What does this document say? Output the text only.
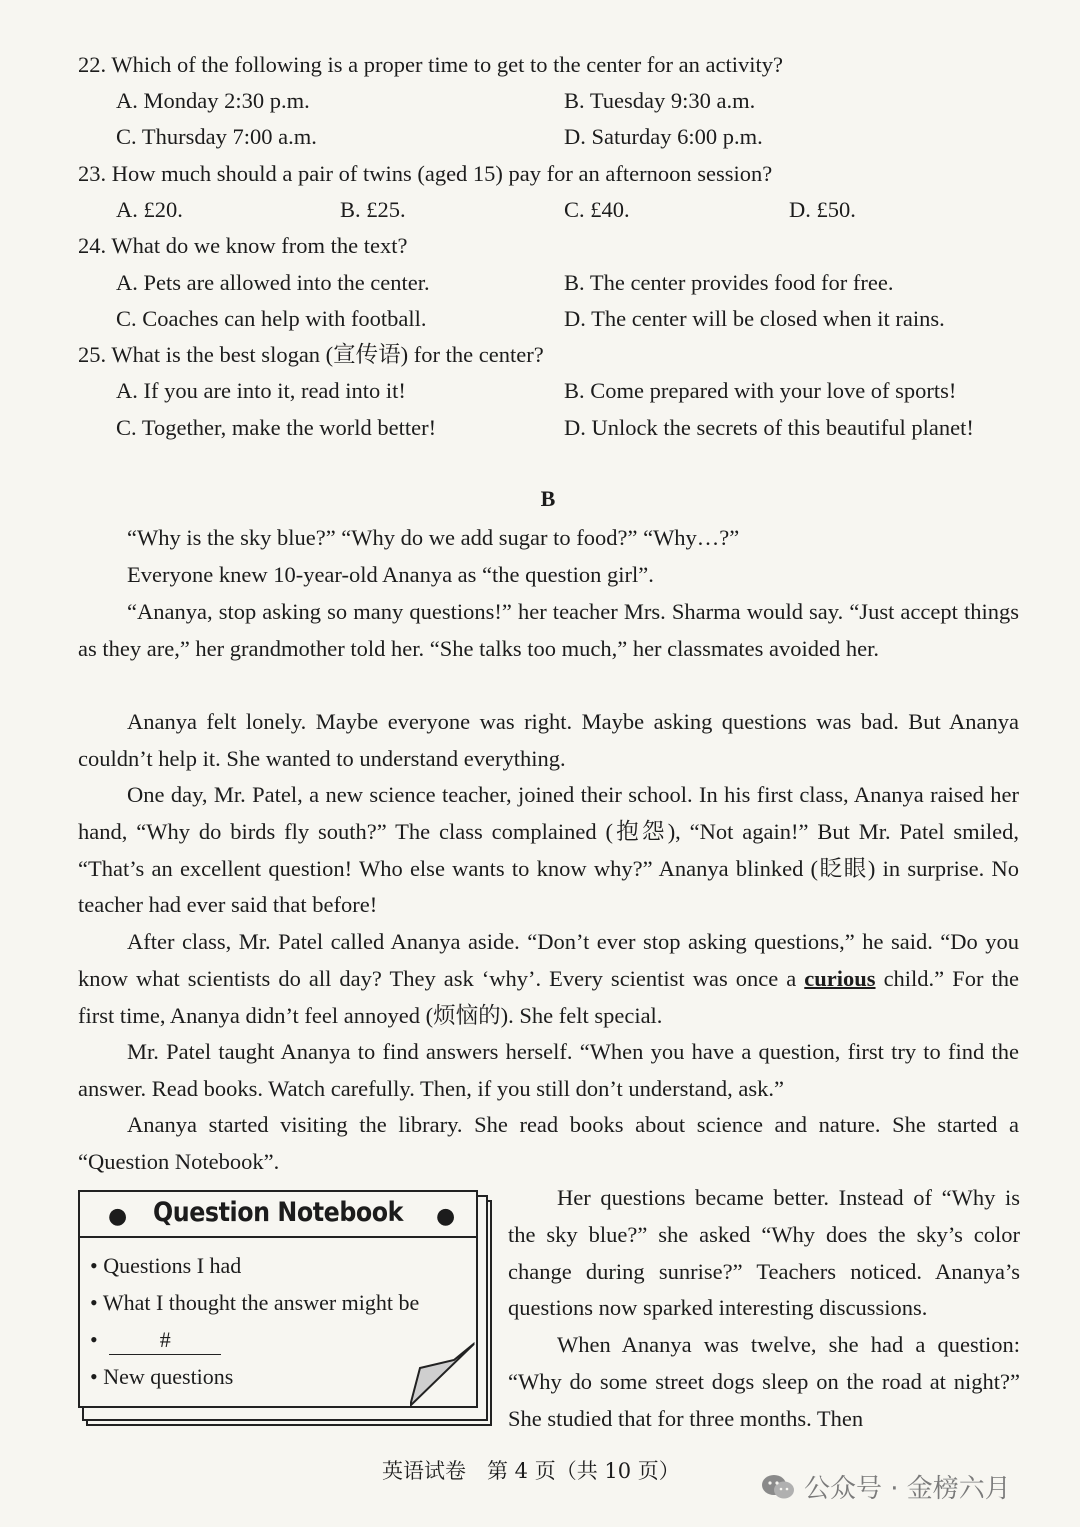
22. Which of the following is a proper time to get to the center for an activity?
A. Monday 2:30 p.m.	B. Tuesday 9:30 a.m.
C. Thursday 7:00 a.m.	D. Saturday 6:00 p.m.
23. How much should a pair of twins (aged 15) pay for an afternoon session?
A. £20.	B. £25.	C. £40.	D. £50.
24. What do we know from the text?
A. Pets are allowed into the center.	B. The center provides food for free.
C. Coaches can help with football.	D. The center will be closed when it rains.
25. What is the best slogan (宣传语) for the center?
A. If you are into it, read into it!	B. Come prepared with your love of sports!
C. Together, make the world better!	D. Unlock the secrets of this beautiful planet!
B
“Why is the sky blue?” “Why do we add sugar to food?” “Why…?”
Everyone knew 10-year-old Ananya as “the question girl”.
“Ananya, stop asking so many questions!” her teacher Mrs. Sharma would say. “Just accept things as they are,” her grandmother told her. “She talks too much,” her classmates avoided her.
Ananya felt lonely. Maybe everyone was right. Maybe asking questions was bad. But Ananya couldn’t help it. She wanted to understand everything.
One day, Mr. Patel, a new science teacher, joined their school. In his first class, Ananya raised her hand, “Why do birds fly south?” The class complained (抱怨), “Not again!” But Mr. Patel smiled, “That’s an excellent question! Who else wants to know why?” Ananya blinked (眨眼) in surprise. No teacher had ever said that before!
After class, Mr. Patel called Ananya aside. “Don’t ever stop asking questions,” he said. “Do you know what scientists do all day? They ask ‘why’. Every scientist was once a curious child.” For the first time, Ananya didn’t feel annoyed (烦恼的). She felt special.
Mr. Patel taught Ananya to find answers herself. “When you have a question, first try to find the answer. Read books. Watch carefully. Then, if you still don’t understand, ask.”
Ananya started visiting the library. She read books about science and nature. She started a “Question Notebook”.
Her questions became better. Instead of “Why is the sky blue?” she asked “Why does the sky’s color change during sunrise?” Teachers noticed. Ananya’s questions now sparked interesting discussions.
When Ananya was twelve, she had a question: “Why do some street dogs sleep on the road at night?” She studied that for three months. Then
● Question Notebook	●
• Questions I had
• What I thought the answer might be
•	#
• New questions
英语试卷　第 4 页（共 10 页）
公众号 · 金榜六月
